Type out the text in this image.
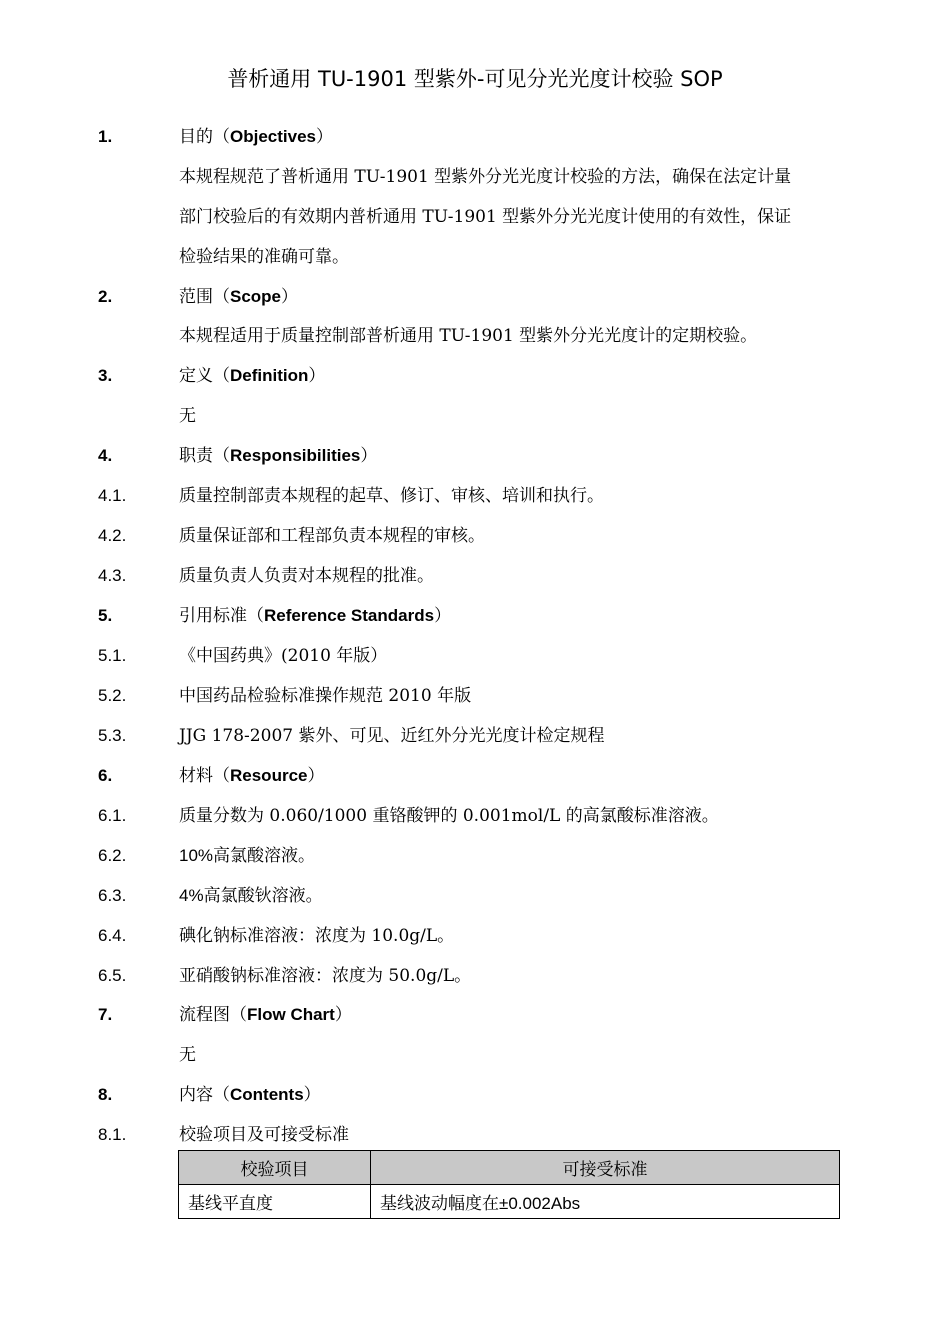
普析通用 TU-1901 型紫外-可见分光光度计校验 SOP
1.	目的（Objectives）
本规程规范了普析通用 TU-1901 型紫外分光光度计校验的方法，确保在法定计量
部门校验后的有效期内普析通用 TU-1901 型紫外分光光度计使用的有效性，保证
检验结果的准确可靠。
2.	范围（Scope）
本规程适用于质量控制部普析通用 TU-1901 型紫外分光光度计的定期校验。
3.	定义（Definition）
无
4.	职责（Responsibilities）
4.1.	质量控制部责本规程的起草、修订、审核、培训和执行。
4.2.	质量保证部和工程部负责本规程的审核。
4.3.	质量负责人负责对本规程的批准。
5.	引用标准（Reference Standards）
5.1.	《中国药典》(2010 年版）
5.2.	中国药品检验标准操作规范 2010 年版
5.3.	JJG 178-2007 紫外、可见、近红外分光光度计检定规程
6.	材料（Resource）
6.1.	质量分数为 0.060/1000 重铬酸钾的 0.001mol/L 的高氯酸标准溶液。
6.2.	10%高氯酸溶液。
6.3.	4%高氯酸钬溶液。
6.4.	碘化钠标准溶液：浓度为 10.0g/L。
6.5.	亚硝酸钠标准溶液：浓度为 50.0g/L。
7.	流程图（Flow Chart）
无
8.	内容（Contents）
8.1.	校验项目及可接受标准
校验项目	可接受标准
基线平直度	基线波动幅度在±0.002Abs
